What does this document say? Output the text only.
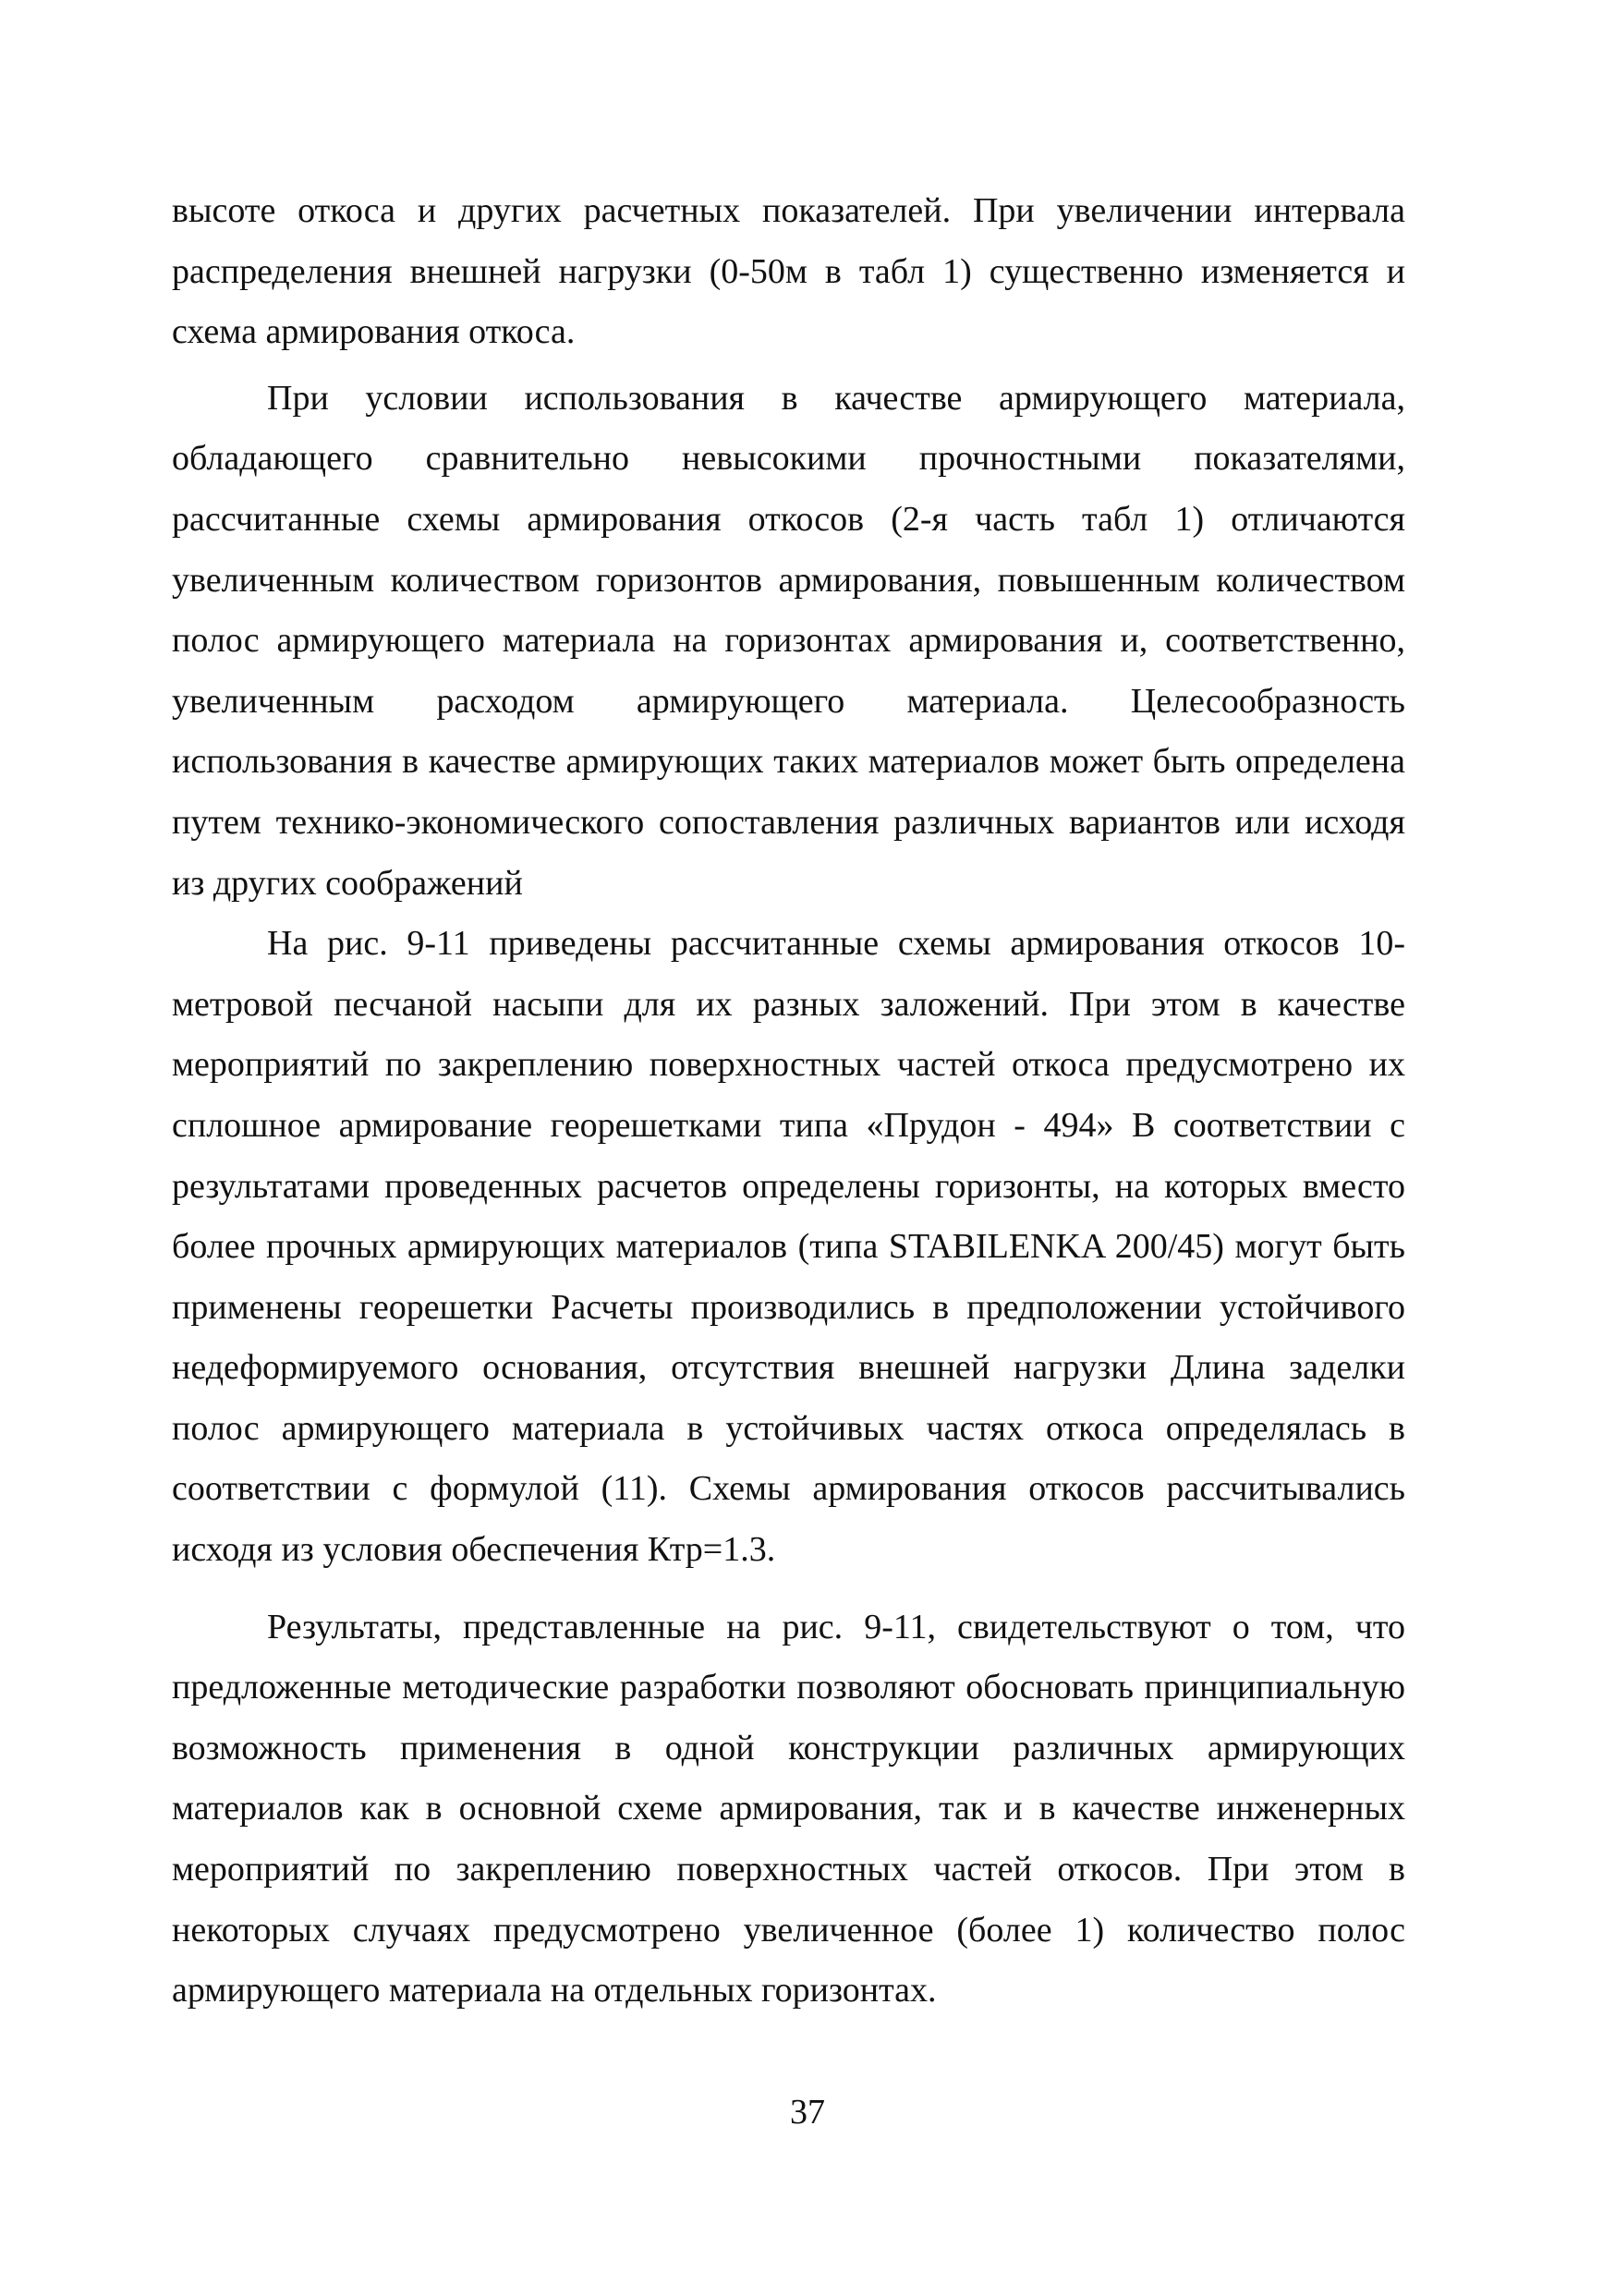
высоте откоса и других расчетных показателей. При увеличении интервала распределения внешней нагрузки (0-50м в табл 1) существенно изменяется и схема армирования откоса.

При условии использования в качестве армирующего материала, обладающего сравнительно невысокими прочностными показателями, рассчитанные схемы армирования откосов (2-я часть табл 1) отличаются увеличенным количеством горизонтов армирования, повышенным количеством полос армирующего материала на горизонтах армирования и, соответственно, увеличенным расходом армирующего материала. Целесообразность использования в качестве армирующих таких материалов может быть определена путем технико-экономического сопоставления различных вариантов или исходя из других соображений

На рис. 9-11 приведены рассчитанные схемы армирования откосов 10-метровой песчаной насыпи для их разных заложений. При этом в качестве мероприятий по закреплению поверхностных частей откоса предусмотрено их сплошное армирование георешетками типа «Прудон - 494» В соответствии с результатами проведенных расчетов определены горизонты, на которых вместо более прочных армирующих материалов (типа STABILENKA 200/45) могут быть применены георешетки Расчеты производились в предположении устойчивого недеформируемого основания, отсутствия внешней нагрузки Длина заделки полос армирующего материала в устойчивых частях откоса определялась в соответствии с формулой (11). Схемы армирования откосов рассчитывались исходя из условия обеспечения Ктр=1.3.

Результаты, представленные на рис. 9-11, свидетельствуют о том, что предложенные методические разработки позволяют обосновать принципиальную возможность применения в одной конструкции различных армирующих материалов как в основной схеме армирования, так и в качестве инженерных мероприятий по закреплению поверхностных частей откосов. При этом в некоторых случаях предусмотрено увеличенное (более 1) количество полос армирующего материала на отдельных горизонтах.

37
